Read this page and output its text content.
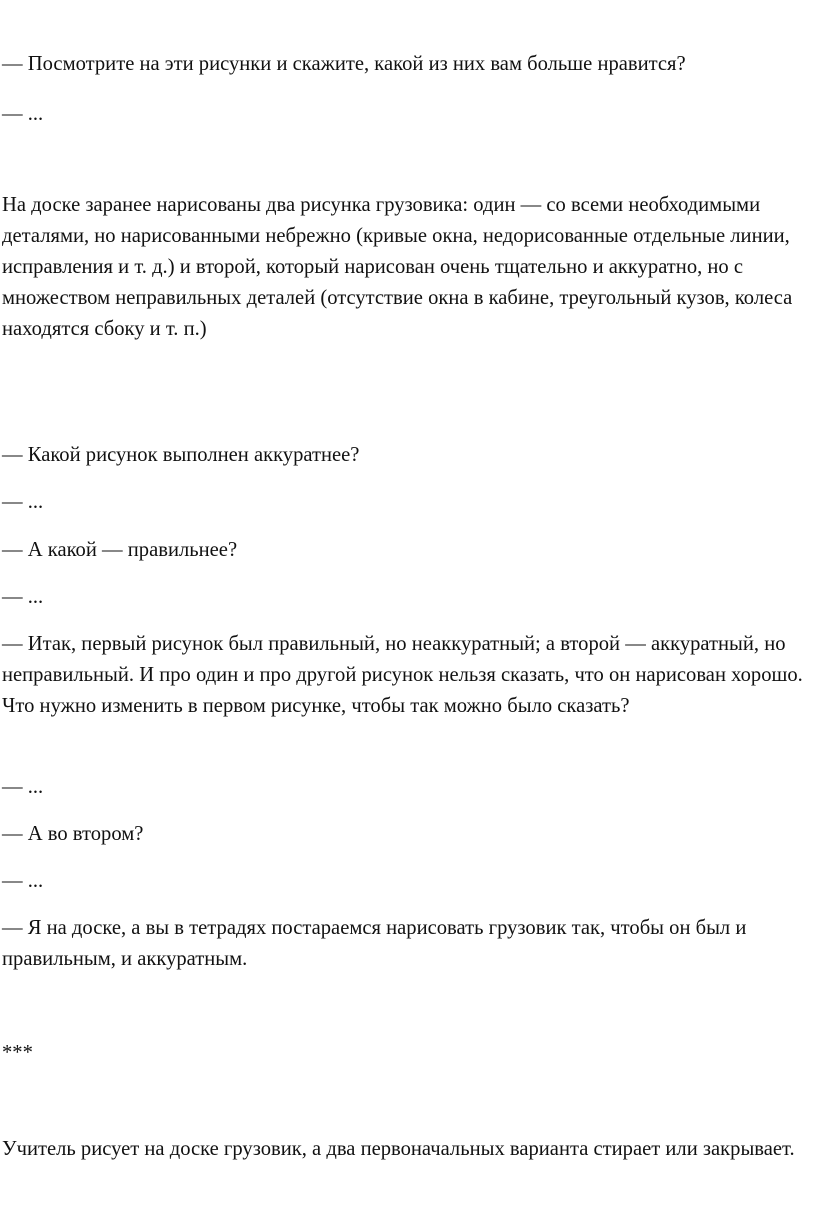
— Посмотрите на эти рисунки и скажите, какой из них вам больше нравится?

— ...

На доске заранее нарисованы два рисунка грузовика: один — со всеми необходимыми деталями, но нарисованными небрежно (кривые окна, недорисованные отдельные линии, исправления и т. д.) и второй, который нарисован очень тщательно и аккуратно, но с множеством неправильных деталей (отсутствие окна в кабине, треугольный кузов, колеса находятся сбоку и т. п.)

— Какой рисунок выполнен аккуратнее?

— ...

— А какой — правильнее?

— ...

— Итак, первый рисунок был правильный, но неаккуратный; а второй — аккуратный, но неправильный. И про один и про другой рисунок нельзя сказать, что он нарисован хорошо. Что нужно изменить в первом рисунке, чтобы так можно было сказать?

— ...

— А во втором?

— ...

— Я на доске, а вы в тетрадях постараемся нарисовать грузовик так, чтобы он был и правильным, и аккуратным.

***

Учитель рисует на доске грузовик, а два первоначальных варианта стирает или закрывает.
